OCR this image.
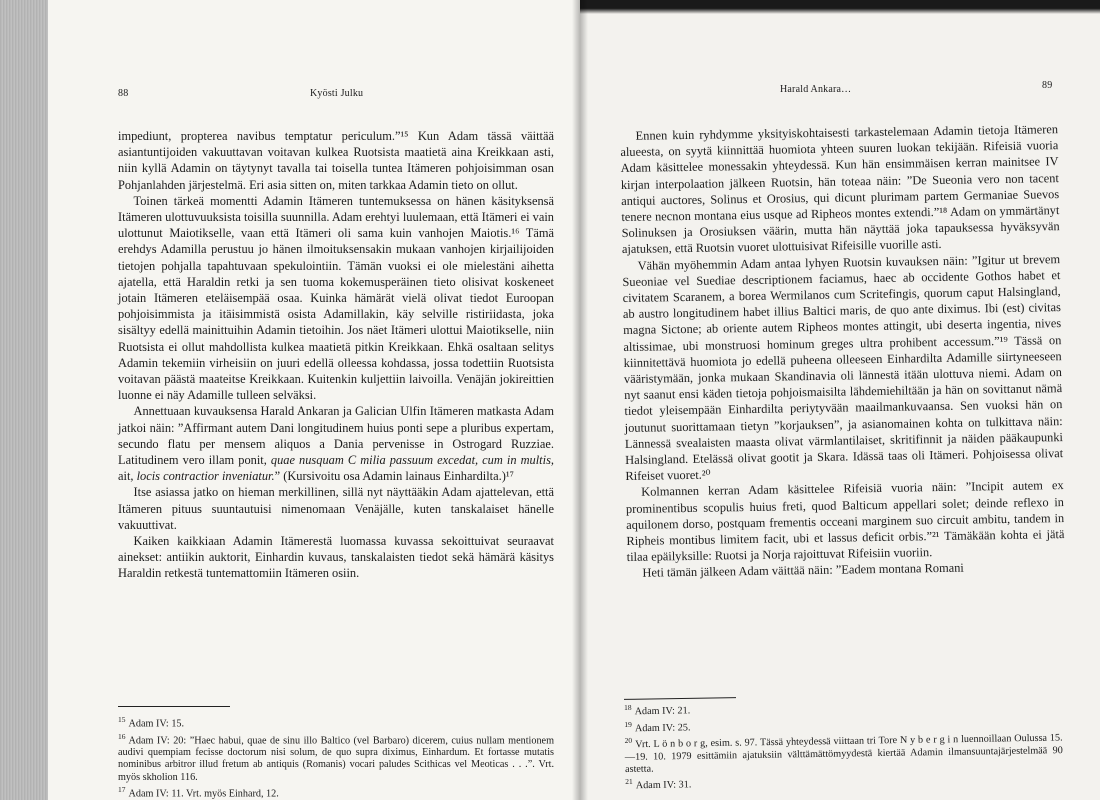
88	Kyösti Julku

impediunt, propterea navibus temptatur periculum.”¹⁵ Kun Adam tässä väittää asiantuntijoiden vakuuttavan voitavan kulkea Ruotsista maatietä aina Kreikkaan asti, niin kyllä Adamin on täytynyt tavalla tai toisella tuntea Itämeren pohjoisimman osan Pohjanlahden järjestelmä. Eri asia sitten on, miten tarkkaa Adamin tieto on ollut.

Toinen tärkeä momentti Adamin Itämeren tuntemuksessa on hänen käsityksensä Itämeren ulottuvuuksista toisilla suunnilla. Adam erehtyi luulemaan, että Itämeri ei vain ulottunut Maiotikselle, vaan että Itämeri oli sama kuin vanhojen Maiotis.¹⁶ Tämä erehdys Adamilla perustuu jo hänen ilmoituksensakin mukaan vanhojen kirjailijoiden tietojen pohjalla tapahtuvaan spekulointiin. Tämän vuoksi ei ole mielestäni aihetta ajatella, että Haraldin retki ja sen tuoma kokemusperäinen tieto olisivat koskeneet jotain Itämeren eteläisempää osaa. Kuinka hämärät vielä olivat tiedot Euroopan pohjoisimmista ja itäisimmistä osista Adamillakin, käy selville ristiriidasta, joka sisältyy edellä mainittuihin Adamin tietoihin. Jos näet Itämeri ulottui Maiotikselle, niin Ruotsista ei ollut mahdollista kulkea maatietä pitkin Kreikkaan. Ehkä osaltaan selitys Adamin tekemiin virheisiin on juuri edellä olleessa kohdassa, jossa todettiin Ruotsista voitavan päästä maateitse Kreikkaan. Kuitenkin kuljettiin laivoilla. Venäjän jokireittien luonne ei näy Adamille tulleen selväksi.

Annettuaan kuvauksensa Harald Ankaran ja Galician Ulfin Itämeren matkasta Adam jatkoi näin: ”Affirmant autem Dani longitudinem huius ponti sepe a pluribus expertam, secundo flatu per mensem aliquos a Dania pervenisse in Ostrogard Ruzziae. Latitudinem vero illam ponit, quae nusquam C milia passuum excedat, cum in multis, ait, locis contractior inveniatur.” (Kursivoitu osa Adamin lainaus Einhardilta.)¹⁷

Itse asiassa jatko on hieman merkillinen, sillä nyt näyttääkin Adam ajattelevan, että Itämeren pituus suuntautuisi nimenomaan Venäjälle, kuten tanskalaiset hänelle vakuuttivat.

Kaiken kaikkiaan Adamin Itämerestä luomassa kuvassa sekoittuivat seuraavat ainekset: antiikin auktorit, Einhardin kuvaus, tanskalaisten tiedot sekä hämärä käsitys Haraldin retkestä tuntemattomiin Itämeren osiin.

$^{15}$ Adam IV: 15.

$^{16}$ Adam IV: 20: ”Haec habui, quae de sinu illo Baltico (vel Barbaro) dicerem, cuius nullam mentionem audivi quempiam fecisse doctorum nisi solum, de quo supra diximus, Einhardum. Et fortasse mutatis nominibus arbitror illud fretum ab antiquis (Romanis) vocari paludes Scithicas vel Meoticas . . .”. Vrt. myös skholion 116.

$^{17}$ Adam IV: 11. Vrt. myös Einhard, 12.

Harald Ankara…	89

Ennen kuin ryhdymme yksityiskohtaisesti tarkastelemaan Adamin tietoja Itämeren alueesta, on syytä kiinnittää huomiota yhteen suuren luokan tekijään. Rifeisiä vuoria Adam käsittelee monessakin yhteydessä. Kun hän ensimmäisen kerran mainitsee IV kirjan interpolaation jälkeen Ruotsin, hän toteaa näin: ”De Sueonia vero non tacent antiqui auctores, Solinus et Orosius, qui dicunt plurimam partem Germaniae Suevos tenere necnon montana eius usque ad Ripheos montes extendi.”¹⁸ Adam on ymmärtänyt Solinuksen ja Orosiuksen väärin, mutta hän näyttää joka tapauksessa hyväksyvän ajatuksen, että Ruotsin vuoret ulottuisivat Rifeisille vuorille asti.

Vähän myöhemmin Adam antaa lyhyen Ruotsin kuvauksen näin: ”Igitur ut brevem Sueoniae vel Suediae descriptionem faciamus, haec ab occidente Gothos habet et civitatem Scaranem, a borea Wermilanos cum Scritefingis, quorum caput Halsingland, ab austro longitudinem habet illius Baltici maris, de quo ante diximus. Ibi (est) civitas magna Sictone; ab oriente autem Ripheos montes attingit, ubi deserta ingentia, nives altissimae, ubi monstruosi hominum greges ultra prohibent accessum.”¹⁹ Tässä on kiinnitettävä huomiota jo edellä puheena olleeseen Einhardilta Adamille siirtyneeseen vääristymään, jonka mukaan Skandinavia oli lännestä itään ulottuva niemi. Adam on nyt saanut ensi käden tietoja pohjoismaisilta lähdemiehiltään ja hän on sovittanut nämä tiedot yleisempään Einhardilta periytyvään maailmankuvaansa. Sen vuoksi hän on joutunut suorittamaan tietyn ”korjauksen”, ja asianomainen kohta on tulkittava näin: Lännessä svealaisten maasta olivat värmlantilaiset, skritifinnit ja näiden pääkaupunki Halsingland. Etelässä olivat gootit ja Skara. Idässä taas oli Itämeri. Pohjoisessa olivat Rifeiset vuoret.²⁰

Kolmannen kerran Adam käsittelee Rifeisiä vuoria näin: ”Incipit autem ex prominentibus scopulis huius freti, quod Balticum appellari solet; deinde reflexo in aquilonem dorso, postquam frementis occeani marginem suo circuit ambitu, tandem in Ripheis montibus limitem facit, ubi et lassus deficit orbis.”²¹ Tämäkään kohta ei jätä tilaa epäilyksille: Ruotsi ja Norja rajoittuvat Rifeisiin vuoriin.

Heti tämän jälkeen Adam väittää näin: ”Eadem montana Romani

$^{18}$ Adam IV: 21.

$^{19}$ Adam IV: 25.

$^{20}$ Vrt. L ö n b o r g, esim. s. 97. Tässä yhteydessä viittaan tri Tore N y b e r g i n luennoillaan Oulussa 15.—19. 10. 1979 esittämiin ajatuksiin välttämättömyydestä kiertää Adamin ilmansuuntajärjestelmää 90 astetta.

$^{21}$ Adam IV: 31.
